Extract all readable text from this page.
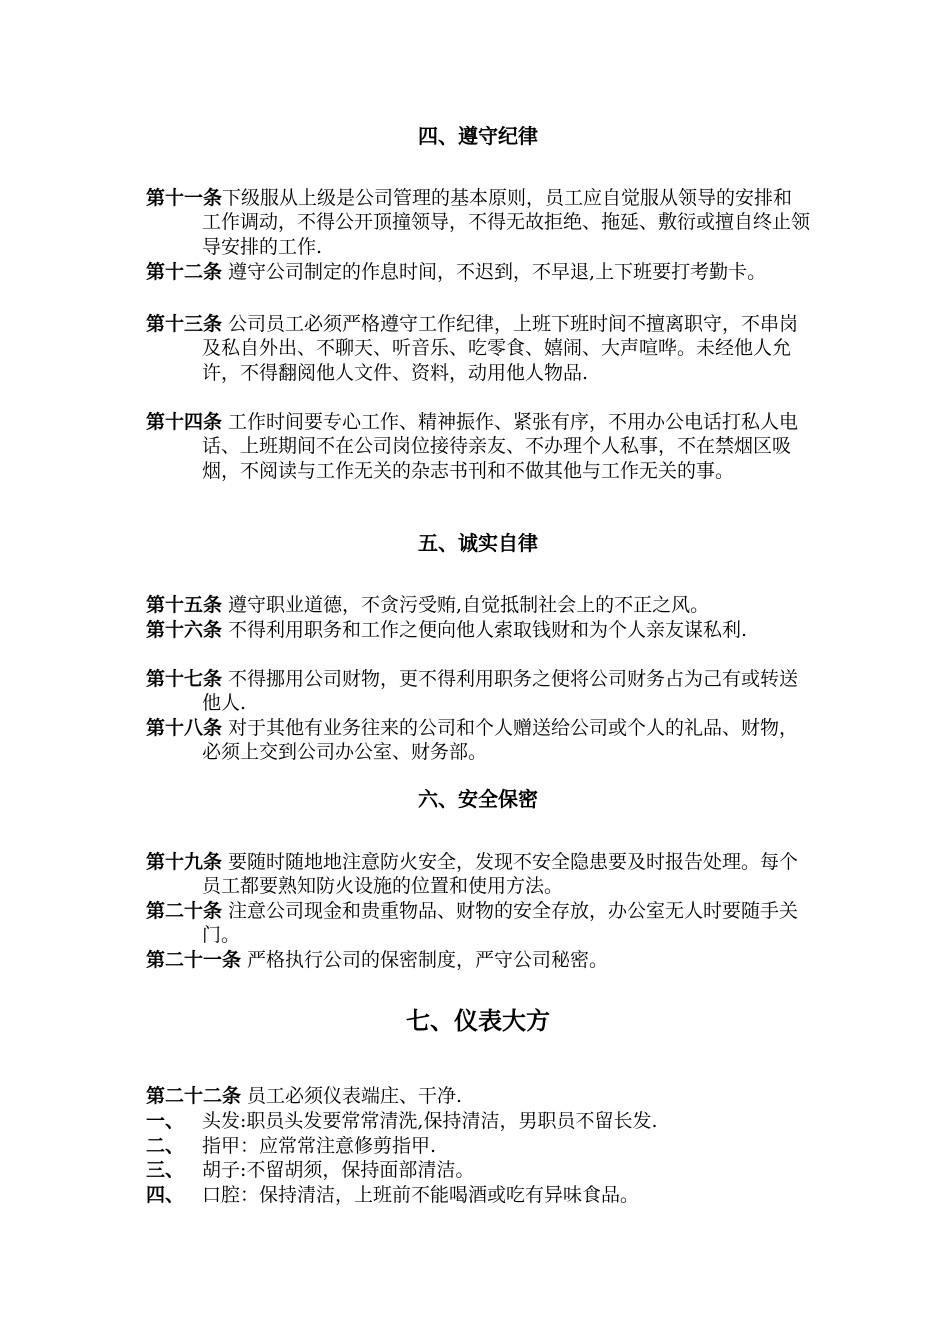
四、遵守纪律
第十一条下级服从上级是公司管理的基本原则，员工应自觉服从领导的安排和工作调动，不得公开顶撞领导，不得无故拒绝、拖延、敷衍或擅自终止领导安排的工作.
第十二条 遵守公司制定的作息时间，不迟到，不早退,上下班要打考勤卡。
第十三条 公司员工必须严格遵守工作纪律，上班下班时间不擅离职守，不串岗及私自外出、不聊天、听音乐、吃零食、嬉闹、大声喧哗。未经他人允许，不得翻阅他人文件、资料，动用他人物品.
第十四条 工作时间要专心工作、精神振作、紧张有序，不用办公电话打私人电话、上班期间不在公司岗位接待亲友、不办理个人私事，不在禁烟区吸烟，不阅读与工作无关的杂志书刊和不做其他与工作无关的事。
五、诚实自律
第十五条 遵守职业道德，不贪污受贿,自觉抵制社会上的不正之风。
第十六条 不得利用职务和工作之便向他人索取钱财和为个人亲友谋私利.
第十七条 不得挪用公司财物，更不得利用职务之便将公司财务占为己有或转送他人.
第十八条 对于其他有业务往来的公司和个人赠送给公司或个人的礼品、财物，必须上交到公司办公室、财务部。
六、安全保密
第十九条 要随时随地地注意防火安全，发现不安全隐患要及时报告处理。每个员工都要熟知防火设施的位置和使用方法。
第二十条 注意公司现金和贵重物品、财物的安全存放，办公室无人时要随手关门。
第二十一条 严格执行公司的保密制度，严守公司秘密。
七、仪表大方
第二十二条 员工必须仪表端庄、干净.
一、 头发:职员头发要常常清洗,保持清洁，男职员不留长发.
二、 指甲：应常常注意修剪指甲.
三、 胡子:不留胡须，保持面部清洁。
四、 口腔：保持清洁，上班前不能喝酒或吃有异味食品。
